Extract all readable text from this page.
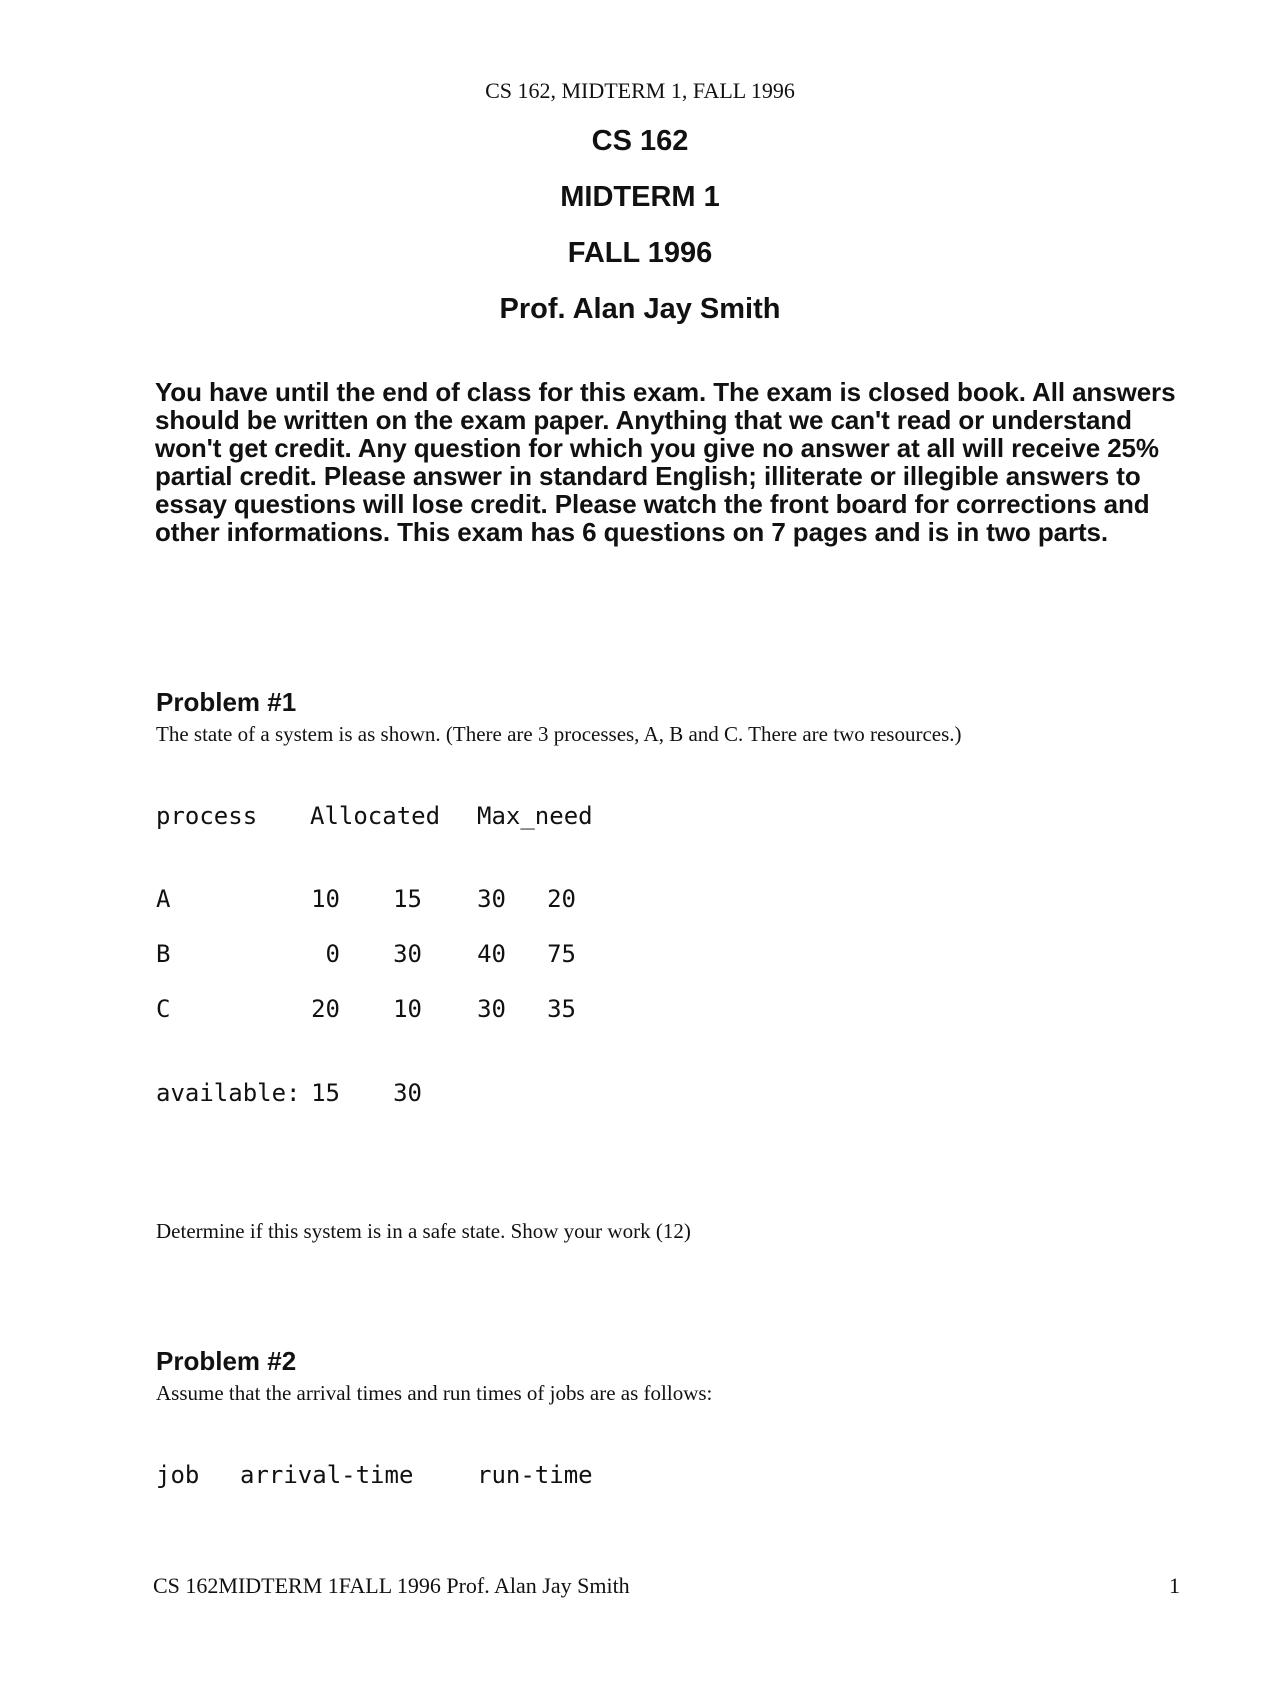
CS 162, MIDTERM 1, FALL 1996

CS 162

MIDTERM 1

FALL 1996

Prof. Alan Jay Smith

You have until the end of class for this exam. The exam is closed book. All answers should be written on the exam paper. Anything that we can't read or understand won't get credit. Any question for which you give no answer at all will receive 25% partial credit. Please answer in standard English; illiterate or illegible answers to essay questions will lose credit. Please watch the front board for corrections and other informations. This exam has 6 questions on 7 pages and is in two parts.

Problem #1

The state of a system is as shown. (There are 3 processes, A, B and C. There are two resources.)

process Allocated Max_need
A	10 15 30 20
B	0 30 40 75
C	20 10 30 35
available: 15 30

Determine if this system is in a safe state. Show your work (12)

Problem #2

Assume that the arrival times and run times of jobs are as follows:

job arrival-time	run-time

CS 162MIDTERM 1FALL 1996 Prof. Alan Jay Smith	1
